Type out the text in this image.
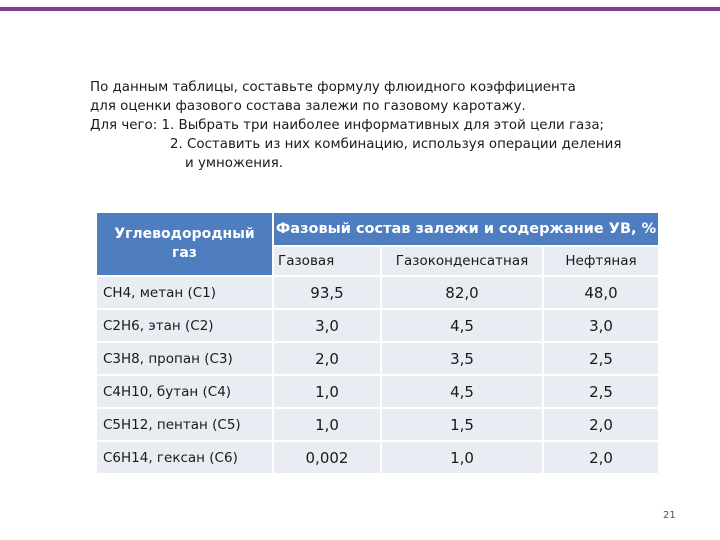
По данным таблицы, составьте формулу флюидного коэффициента
для оценки фазового состава залежи по газовому каротажу.
Для чего: 1. Выбрать три наиболее информативных для этой цели газа;
2. Составить из них комбинацию, используя операции деления
и умножения.
Углеводородный
газ	Фазовый состав залежи и содержание УВ, %		
	Газовая	Газоконденсатная	Нефтяная
CH4, метан (C1)	93,5	82,0	48,0
C2H6, этан (C2)	3,0	4,5	3,0
C3H8, пропан (C3)	2,0	3,5	2,5
C4H10, бутан (C4)	1,0	4,5	2,5
C5H12, пентан (C5)	1,0	1,5	2,0
C6H14, гексан (C6)	0,002	1,0	2,0
21
